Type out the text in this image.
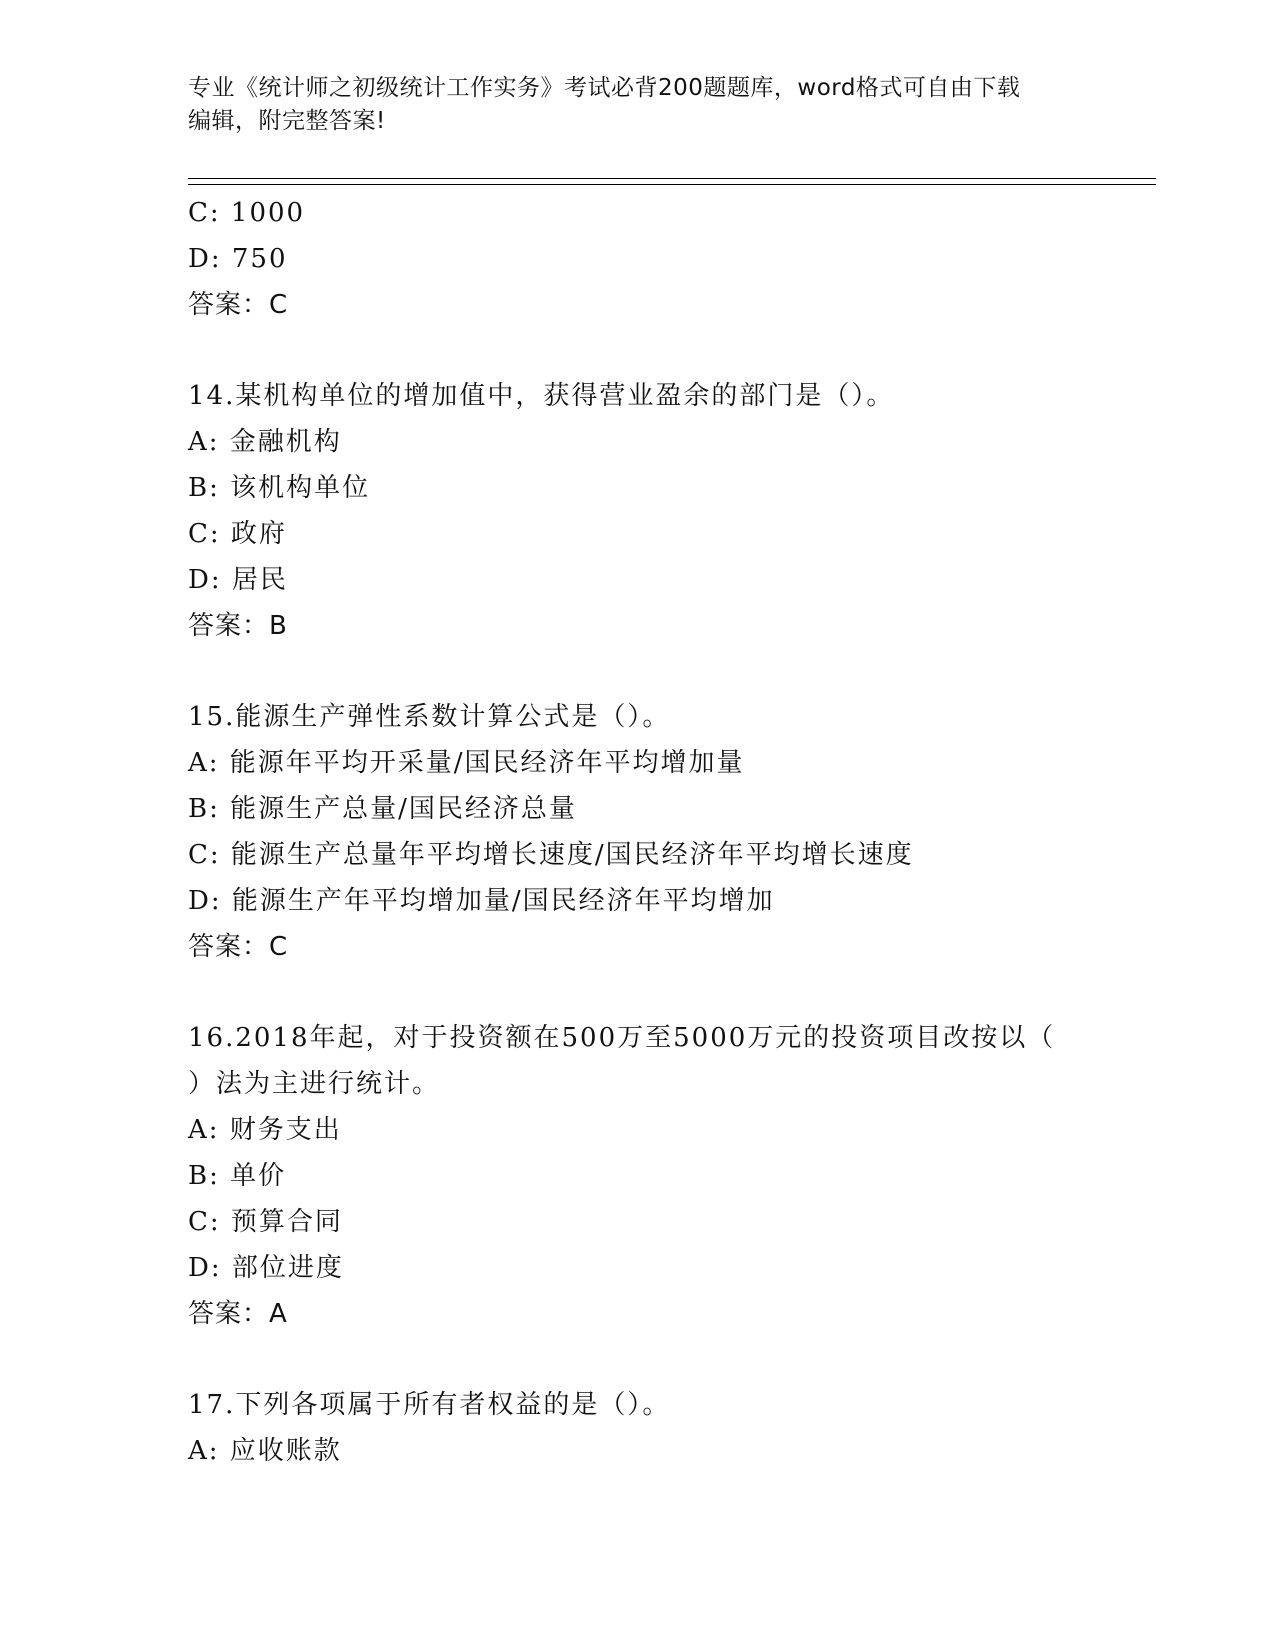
专业《统计师之初级统计工作实务》考试必背200题题库，word格式可自由下载
编辑，附完整答案!
C: 1000
D: 750
答案：C
14.某机构单位的增加值中，获得营业盈余的部门是（）。
A: 金融机构
B: 该机构单位
C: 政府
D: 居民
答案：B
15.能源生产弹性系数计算公式是（）。
A: 能源年平均开采量/国民经济年平均增加量
B: 能源生产总量/国民经济总量
C: 能源生产总量年平均增长速度/国民经济年平均增长速度
D: 能源生产年平均增加量/国民经济年平均增加
答案：C
16.2018年起，对于投资额在500万至5000万元的投资项目改按以（
）法为主进行统计。
A: 财务支出
B: 单价
C: 预算合同
D: 部位进度
答案：A
17.下列各项属于所有者权益的是（）。
A: 应收账款
